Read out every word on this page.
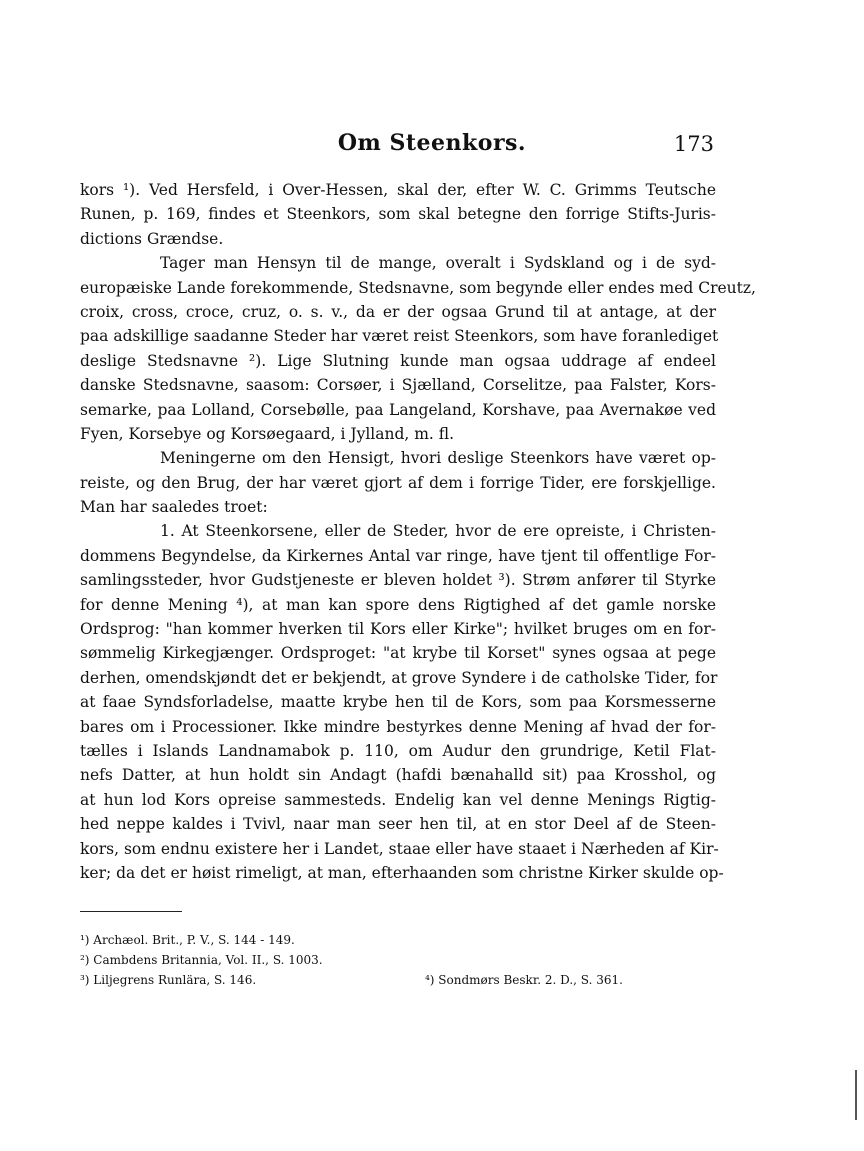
Om Steenkors.	173
kors ¹). Ved Hersfeld, i Over-Hessen, skal der, efter W. C. Grimms Teutsche
Runen, p. 169, findes et Steenkors, som skal betegne den forrige Stifts-Juris-
dictions Grændse.
Tager man Hensyn til de mange, overalt i Sydskland og i de syd-
europæiske Lande forekommende, Stedsnavne, som begynde eller endes med Creutz,
croix, cross, croce, cruz, o. s. v., da er der ogsaa Grund til at antage, at der
paa adskillige saadanne Steder har været reist Steenkors, som have foranlediget
deslige Stedsnavne ²). Lige Slutning kunde man ogsaa uddrage af endeel
danske Stedsnavne, saasom: Corsøer, i Sjælland, Corselitze, paa Falster, Kors-
semarke, paa Lolland, Corsebølle, paa Langeland, Korshave, paa Avernakøe ved
Fyen, Korsebye og Korsøegaard, i Jylland, m. fl.
Meningerne om den Hensigt, hvori deslige Steenkors have været op-
reiste, og den Brug, der har været gjort af dem i forrige Tider, ere forskjellige.
Man har saaledes troet:
1. At Steenkorsene, eller de Steder, hvor de ere opreiste, i Christen-
dommens Begyndelse, da Kirkernes Antal var ringe, have tjent til offentlige For-
samlingssteder, hvor Gudstjeneste er bleven holdet ³). Strøm anfører til Styrke
for denne Mening ⁴), at man kan spore dens Rigtighed af det gamle norske
Ordsprog: "han kommer hverken til Kors eller Kirke"; hvilket bruges om en for-
sømmelig Kirkegjænger. Ordsproget: "at krybe til Korset" synes ogsaa at pege
derhen, omendskjøndt det er bekjendt, at grove Syndere i de catholske Tider, for
at faae Syndsforladelse, maatte krybe hen til de Kors, som paa Korsmesserne
bares om i Processioner. Ikke mindre bestyrkes denne Mening af hvad der for-
tælles i Islands Landnamabok p. 110, om Audur den grundrige, Ketil Flat-
nefs Datter, at hun holdt sin Andagt (hafdi bænahalld sit) paa Krosshol, og
at hun lod Kors opreise sammesteds. Endelig kan vel denne Menings Rigtig-
hed neppe kaldes i Tvivl, naar man seer hen til, at en stor Deel af de Steen-
kors, som endnu existere her i Landet, staae eller have staaet i Nærheden af Kir-
ker; da det er høist rimeligt, at man, efterhaanden som christne Kirker skulde op-
¹) Archæol. Brit., P. V., S. 144 - 149.
²) Cambdens Britannia, Vol. II., S. 1003.
³) Liljegrens Runlära, S. 146.	⁴) Sondmørs Beskr. 2. D., S. 361.
